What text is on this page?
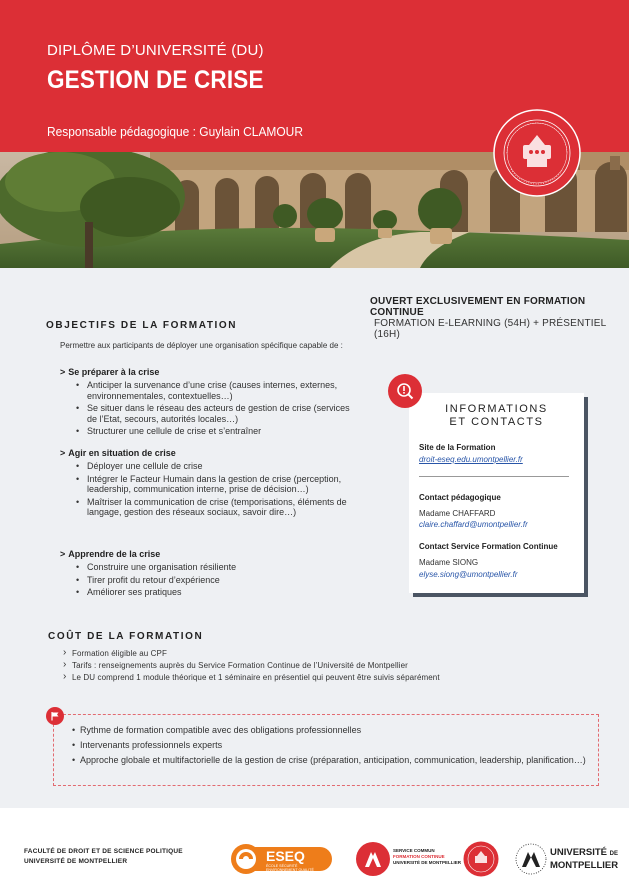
DIPLÔME D’UNIVERSITÉ (DU)
GESTION DE CRISE
Responsable pédagogique : Guylain CLAMOUR
OUVERT EXCLUSIVEMENT EN FORMATION CONTINUE
FORMATION E-LEARNING (54H) + PRÉSENTIEL (16H)
OBJECTIFS DE LA FORMATION
Permettre aux participants de déployer une organisation spécifique capable de :
> Se préparer à la crise
• Anticiper la survenance d’une crise (causes internes, externes, environnementales, contextuelles…)
• Se situer dans le réseau des acteurs de gestion de crise (services de l’Etat, secours, autorités locales…)
• Structurer une cellule de crise et s’entraîner
> Agir en situation de crise
• Déployer une cellule de crise
• Intégrer le Facteur Humain dans la gestion de crise (perception, leadership, communication interne, prise de décision…)
• Maîtriser la communication de crise (temporisations, éléments de langage, gestion des réseaux sociaux, savoir dire…)
> Apprendre de la crise
• Construire une organisation résiliente
• Tirer profit du retour d’expérience
• Améliorer ses pratiques
INFORMATIONS
ET CONTACTS
Site de la Formation
droit-eseq.edu.umontpellier.fr
Contact pédagogique
Madame CHAFFARD
claire.chaffard@umontpellier.fr
Contact Service Formation Continue
Madame SIONG
elyse.siong@umontpellier.fr
COÛT DE LA FORMATION
› Formation éligible au CPF
› Tarifs : renseignements auprès du Service Formation Continue de l’Université de Montpellier
› Le DU comprend 1 module théorique et 1 séminaire en présentiel qui peuvent être suivis séparément
• Rythme de formation compatible avec des obligations professionnelles
• Intervenants professionnels experts
• Approche globale et multifactorielle de la gestion de crise (préparation, anticipation, communication, leadership, planification…)
FACULTÉ DE DROIT ET DE SCIENCE POLITIQUE
UNIVERSITÉ DE MONTPELLIER	ESEQ
ÉCOLE SÉCURITÉ
ENVIRONNEMENT QUALITÉ
SERVICE COMMUN
FORMATION CONTINUE
UNIVERSITÉ DE MONTPELLIER
UNIVERSITÉ DE
MONTPELLIER
